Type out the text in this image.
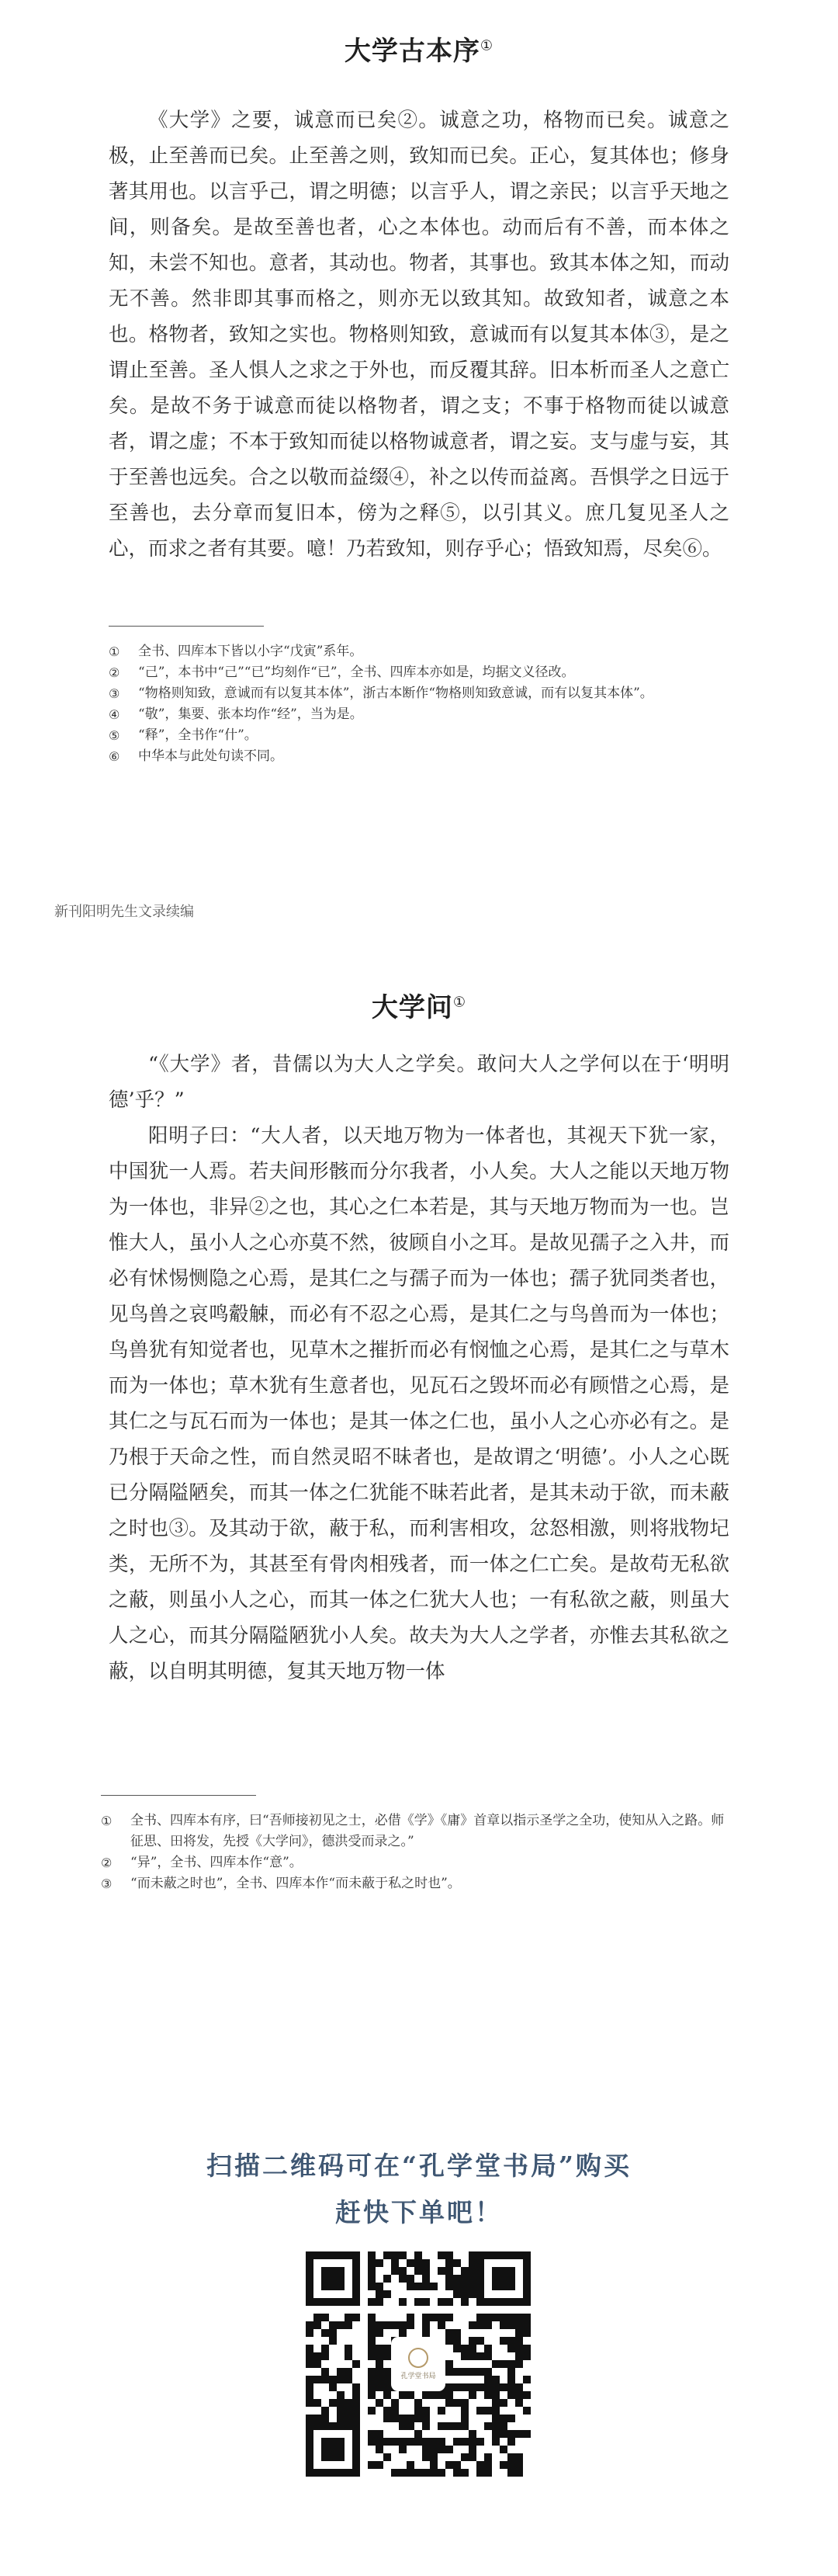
大学古本序①

《大学》之要，诚意而已矣②。诚意之功，格物而已矣。诚意之极，止至善而已矣。止至善之则，致知而已矣。正心，复其体也；修身著其用也。以言乎己，谓之明德；以言乎人，谓之亲民；以言乎天地之间，则备矣。是故至善也者，心之本体也。动而后有不善，而本体之知，未尝不知也。意者，其动也。物者，其事也。致其本体之知，而动无不善。然非即其事而格之，则亦无以致其知。故致知者，诚意之本也。格物者，致知之实也。物格则知致，意诚而有以复其本体③，是之谓止至善。圣人惧人之求之于外也，而反覆其辞。旧本析而圣人之意亡矣。是故不务于诚意而徒以格物者，谓之支；不事于格物而徒以诚意者，谓之虚；不本于致知而徒以格物诚意者，谓之妄。支与虚与妄，其于至善也远矣。合之以敬而益缀④，补之以传而益离。吾惧学之日远于至善也，去分章而复旧本，傍为之释⑤，以引其义。庶几复见圣人之心，而求之者有其要。噫！乃若致知，则存乎心；悟致知焉，尽矣⑥。

①	全书、四库本下皆以小字“戊寅”系年。
②	“己”，本书中“己”“已”均刻作“已”，全书、四库本亦如是，均据文义径改。
③	“物格则知致，意诚而有以复其本体”，浙古本断作“物格则知致意诚，而有以复其本体”。
④	“敬”，集要、张本均作“经”，当为是。
⑤	“释”，全书作“什”。
⑥	中华本与此处句读不同。
新刊阳明先生文录续编
大学问①

“《大学》者，昔儒以为大人之学矣。敢问大人之学何以在于‘明明德’乎？”

阳明子曰：“大人者，以天地万物为一体者也，其视天下犹一家，中国犹一人焉。若夫间形骸而分尔我者，小人矣。大人之能以天地万物为一体也，非异②之也，其心之仁本若是，其与天地万物而为一也。岂惟大人，虽小人之心亦莫不然，彼顾自小之耳。是故见孺子之入井，而必有怵惕恻隐之心焉，是其仁之与孺子而为一体也；孺子犹同类者也，见鸟兽之哀鸣觳觫，而必有不忍之心焉，是其仁之与鸟兽而为一体也；鸟兽犹有知觉者也，见草木之摧折而必有悯恤之心焉，是其仁之与草木而为一体也；草木犹有生意者也，见瓦石之毁坏而必有顾惜之心焉，是其仁之与瓦石而为一体也；是其一体之仁也，虽小人之心亦必有之。是乃根于天命之性，而自然灵昭不昧者也，是故谓之‘明德’。小人之心既已分隔隘陋矣，而其一体之仁犹能不昧若此者，是其未动于欲，而未蔽之时也③。及其动于欲，蔽于私，而利害相攻，忿怒相激，则将戕物圮类，无所不为，其甚至有骨肉相残者，而一体之仁亡矣。是故苟无私欲之蔽，则虽小人之心，而其一体之仁犹大人也；一有私欲之蔽，则虽大人之心，而其分隔隘陋犹小人矣。故夫为大人之学者，亦惟去其私欲之蔽，以自明其明德，复其天地万物一体

①	全书、四库本有序，曰“吾师接初见之士，必借《学》《庸》首章以指示圣学之全功，使知从入之路。师征思、田将发，先授《大学问》，德洪受而录之。”
②	“异”，全书、四库本作“意”。
③	“而未蔽之时也”，全书、四库本作“而未蔽于私之时也”。
扫描二维码可在“孔学堂书局”购买
赶快下单吧！
孔学堂书局
